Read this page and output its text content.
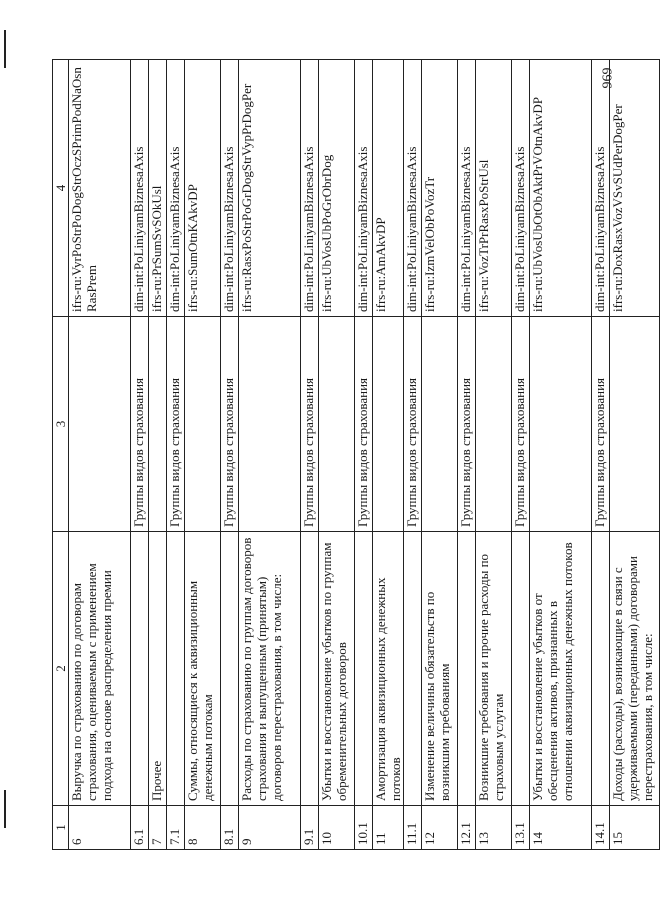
969
1	2	3	4
6	Выручка по страхованию по договорам страхования, оцениваемым с применением подхода на основе распределения премии		ifrs-ru:VyrPoStrPoDogStrOczSPrimPodNaOsnRasPrem
6.1		Группы видов страхования	dim-int:PoLiniyamBiznesaAxis
7	Прочее		ifrs-ru:PrSumSvSOkUsl
7.1		Группы видов страхования	dim-int:PoLiniyamBiznesaAxis
8	Суммы, относящиеся к аквизиционным денежным потокам		ifrs-ru:SumOtnKAkvDP
8.1		Группы видов страхования	dim-int:PoLiniyamBiznesaAxis
9	Расходы по страхованию по группам договоров страхования и выпущенным (принятым) договоров перестрахования, в том числе:		ifrs-ru:RasxPoStrPoGrDogStrVypPrDogPer
9.1		Группы видов страхования	dim-int:PoLiniyamBiznesaAxis
10	Убытки и восстановление убытков по группам обременительных договоров		ifrs-ru:UbVosUbPoGrObrDog
10.1		Группы видов страхования	dim-int:PoLiniyamBiznesaAxis
11	Амортизация аквизиционных денежных потоков		ifrs-ru:AmAkvDP
11.1		Группы видов страхования	dim-int:PoLiniyamBiznesaAxis
12	Изменение величины обязательств по возникшим требованиям		ifrs-ru:IzmVelObPoVozTr
12.1		Группы видов страхования	dim-int:PoLiniyamBiznesaAxis
13	Возникшие требования и прочие расходы по страховым услугам		ifrs-ru:VozTrPrRasxPoStrUsl
13.1		Группы видов страхования	dim-int:PoLiniyamBiznesaAxis
14	Убытки и восстановление убытков от обесценения активов, признанных в отношении аквизиционных денежных потоков		ifrs-ru:UbVosUbOtObAktPrVOtnAkvDP
14.1		Группы видов страхования	dim-int:PoLiniyamBiznesaAxis
15	Доходы (расходы), возникающие в связи с удерживаемыми (переданными) договорами перестрахования, в том числе:		ifrs-ru:DoxRasxVozVSvSUdPerDogPer
